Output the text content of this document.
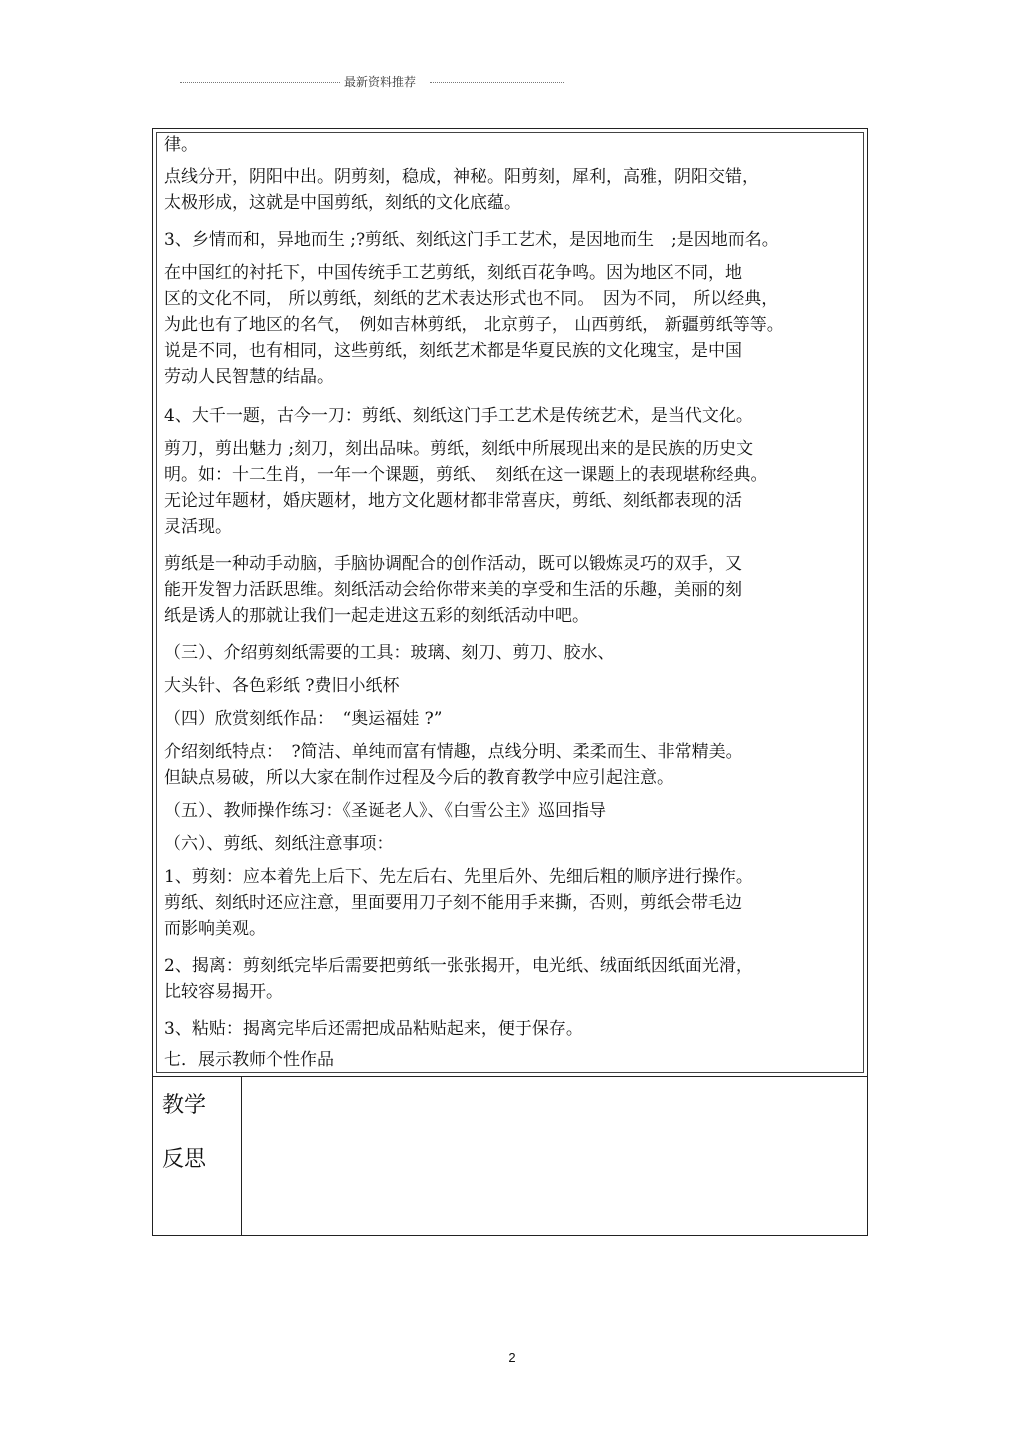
最新资料推荐
律。
点线分开，阴阳中出。阴剪刻，稳成，神秘。阳剪刻，犀利，高雅，阴阳交错，
太极形成，这就是中国剪纸，刻纸的文化底蕴。
3、乡情而和，异地而生 ;?剪纸、刻纸这门手工艺术，是因地而生　;是因地而名。
在中国红的衬托下，中国传统手工艺剪纸，刻纸百花争鸣。因为地区不同，地
区的文化不同， 所以剪纸，刻纸的艺术表达形式也不同。　因为不同， 所以经典，
为此也有了地区的名气，　例如吉林剪纸， 北京剪子， 山西剪纸， 新疆剪纸等等。
说是不同，也有相同，这些剪纸，刻纸艺术都是华夏民族的文化瑰宝，是中国
劳动人民智慧的结晶。
4、大千一题，古今一刀：剪纸、刻纸这门手工艺术是传统艺术，是当代文化。
剪刀，剪出魅力 ;刻刀，刻出品味。剪纸，刻纸中所展现出来的是民族的历史文
明。如：十二生肖，一年一个课题，剪纸、　刻纸在这一课题上的表现堪称经典。
无论过年题材，婚庆题材，地方文化题材都非常喜庆，剪纸、刻纸都表现的活
灵活现。
剪纸是一种动手动脑，手脑协调配合的创作活动，既可以锻炼灵巧的双手，又
能开发智力活跃思维。刻纸活动会给你带来美的享受和生活的乐趣，美丽的刻
纸是诱人的那就让我们一起走进这五彩的刻纸活动中吧。
（三）、介绍剪刻纸需要的工具：玻璃、刻刀、剪刀、胶水、
大头针、各色彩纸 ?费旧小纸杯
（四）欣赏刻纸作品：　“奥运福娃 ?”
介绍刻纸特点：　?简洁、单纯而富有情趣，点线分明、柔柔而生、非常精美。
但缺点易破，所以大家在制作过程及今后的教育教学中应引起注意。
（五）、教师操作练习：《圣诞老人》、《白雪公主》巡回指导
（六）、剪纸、刻纸注意事项：
1、剪刻：应本着先上后下、先左后右、先里后外、先细后粗的顺序进行操作。
剪纸、刻纸时还应注意，里面要用刀子刻不能用手来撕，否则，剪纸会带毛边
而影响美观。
2、揭离：剪刻纸完毕后需要把剪纸一张张揭开，电光纸、绒面纸因纸面光滑，
比较容易揭开。
3、粘贴：揭离完毕后还需把成品粘贴起来，便于保存。
七．展示教师个性作品
教学
反思
2
